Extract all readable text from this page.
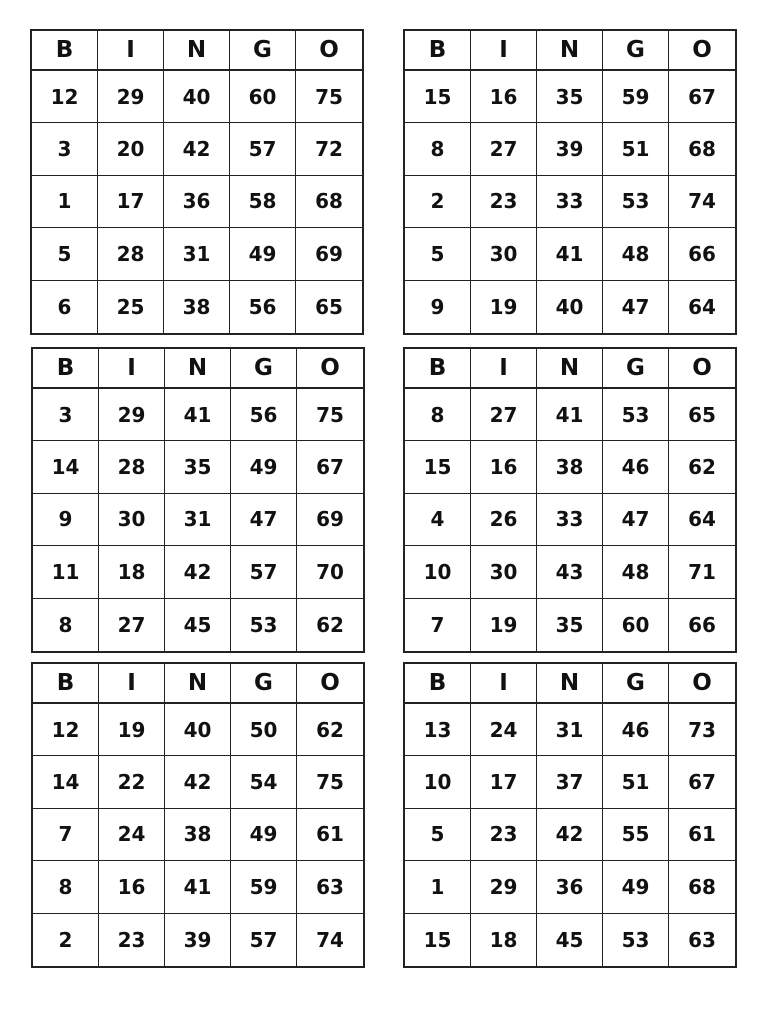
B	I	N	G	O
12	29	40	60	75
3	20	42	57	72
1	17	36	58	68
5	28	31	49	69
6	25	38	56	65
B	I	N	G	O
15	16	35	59	67
8	27	39	51	68
2	23	33	53	74
5	30	41	48	66
9	19	40	47	64
B	I	N	G	O
3	29	41	56	75
14	28	35	49	67
9	30	31	47	69
11	18	42	57	70
8	27	45	53	62
B	I	N	G	O
8	27	41	53	65
15	16	38	46	62
4	26	33	47	64
10	30	43	48	71
7	19	35	60	66
B	I	N	G	O
12	19	40	50	62
14	22	42	54	75
7	24	38	49	61
8	16	41	59	63
2	23	39	57	74
B	I	N	G	O
13	24	31	46	73
10	17	37	51	67
5	23	42	55	61
1	29	36	49	68
15	18	45	53	63
